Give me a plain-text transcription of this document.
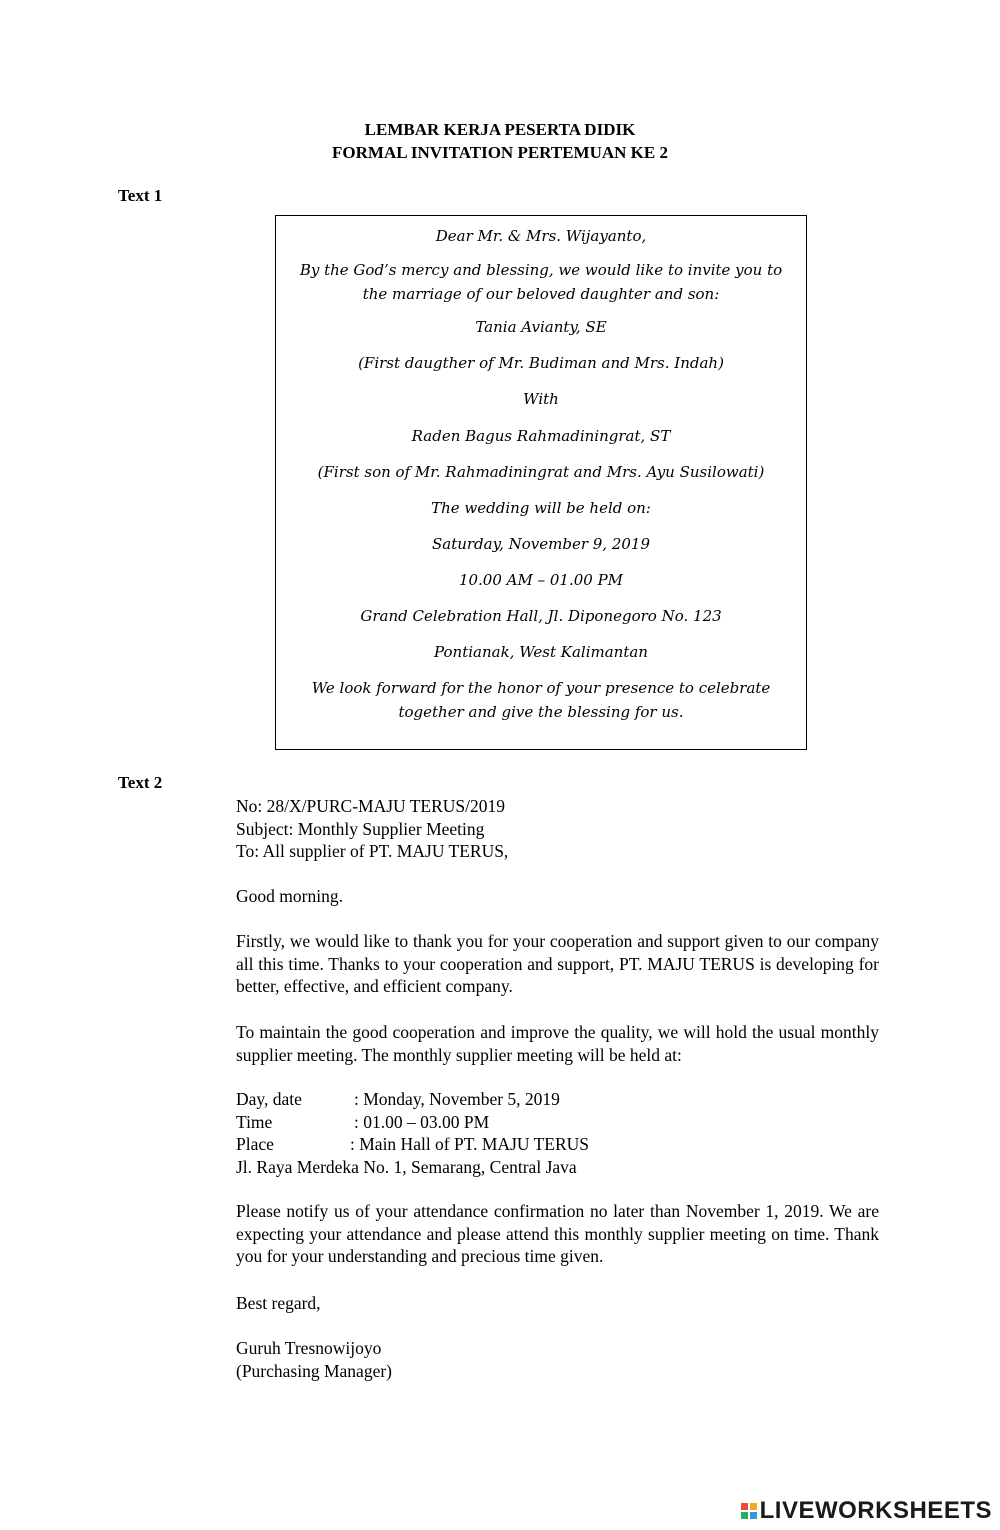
LEMBAR KERJA PESERTA DIDIK
FORMAL INVITATION PERTEMUAN KE 2
Text 1
Dear Mr. & Mrs. Wijayanto,
By the God’s mercy and blessing, we would like to invite you to the marriage of our beloved daughter and son:
Tania Avianty, SE
(First daugther of Mr. Budiman and Mrs. Indah)
With
Raden Bagus Rahmadiningrat, ST
(First son of Mr. Rahmadiningrat and Mrs. Ayu Susilowati)
The wedding will be held on:
Saturday, November 9, 2019
10.00 AM – 01.00 PM
Grand Celebration Hall, Jl. Diponegoro No. 123
Pontianak, West Kalimantan
We look forward for the honor of your presence to celebrate together and give the blessing for us.
Text 2

No: 28/X/PURC-MAJU TERUS/2019

Subject: Monthly Supplier Meeting

To: All supplier of PT. MAJU TERUS,

Good morning.
Firstly, we would like to thank you for your cooperation and support given to our company all this time. Thanks to your cooperation and support, PT. MAJU TERUS is developing for better, effective, and efficient company.
To maintain the good cooperation and improve the quality, we will hold the usual monthly supplier meeting. The monthly supplier meeting will be held at:
Day, date	: Monday, November 5, 2019
Time	: 01.00 – 03.00 PM
Place	: Main Hall of PT. MAJU TERUS

Jl. Raya Merdeka No. 1, Semarang, Central Java

Please notify us of your attendance confirmation no later than November 1, 2019. We are expecting your attendance and please attend this monthly supplier meeting on time. Thank you for your understanding and precious time given.
Best regard,

Guruh Tresnowijoyo

(Purchasing Manager)

LIVEWORKSHEETS
